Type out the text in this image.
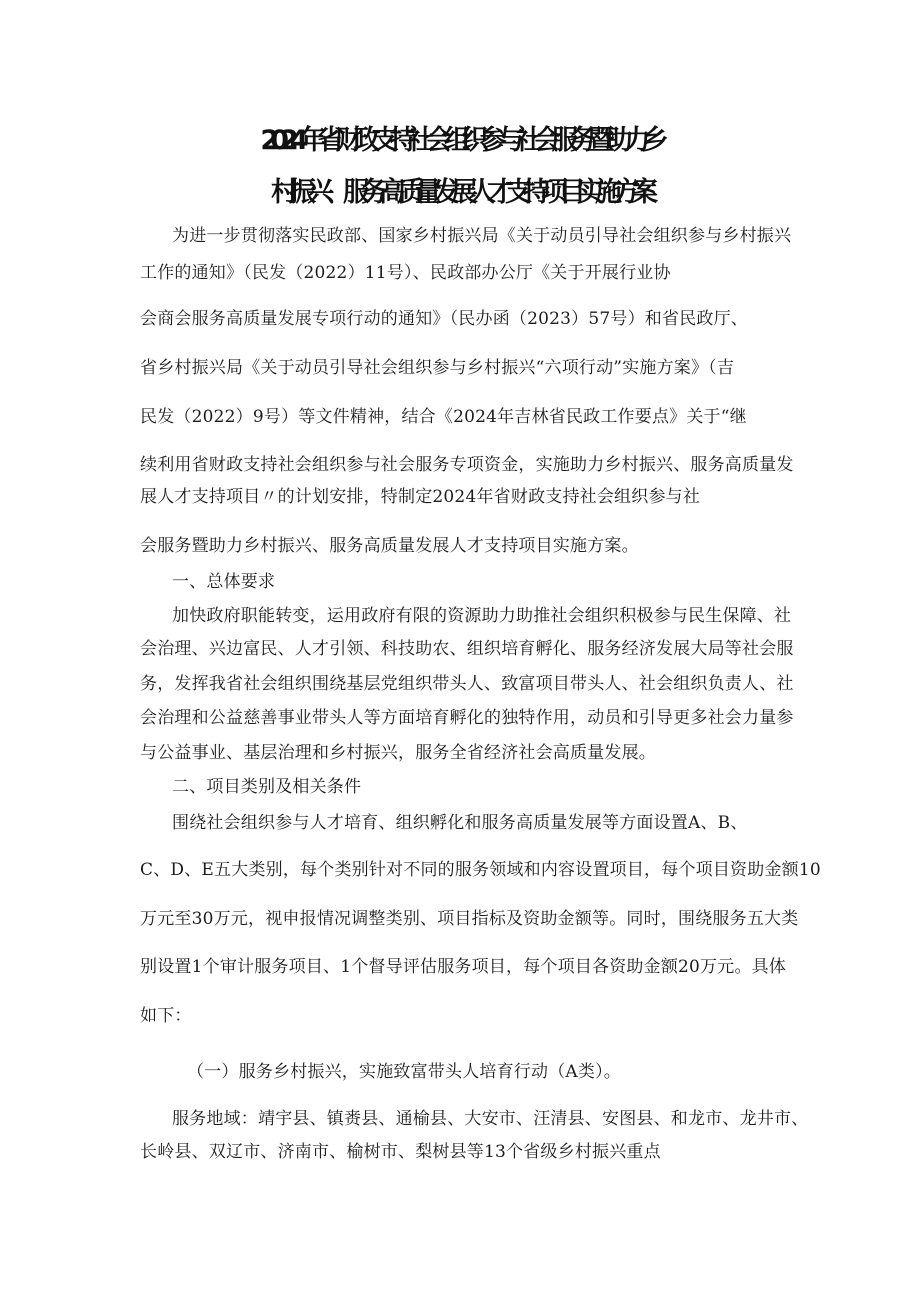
2024年省财政支持社会组织参与社会服务暨助力乡
村振兴、服务高质量发展人才支持项目实施方案
为进一步贯彻落实民政部、国家乡村振兴局《关于动员引导社会组织参与乡村振兴
工作的通知》（民发（2022）11号）、民政部办公厅《关于开展行业协
会商会服务高质量发展专项行动的通知》（民办函（2023）57号）和省民政厅、
省乡村振兴局《关于动员引导社会组织参与乡村振兴“六项行动”实施方案》（吉
民发（2022）9号）等文件精神，结合《2024年吉林省民政工作要点》关于“继
续利用省财政支持社会组织参与社会服务专项资金，实施助力乡村振兴、服务高质量发
展人才支持项目〃的计划安排，特制定2024年省财政支持社会组织参与社
会服务暨助力乡村振兴、服务高质量发展人才支持项目实施方案。
一、总体要求
加快政府职能转变，运用政府有限的资源助力助推社会组织积极参与民生保障、社
会治理、兴边富民、人才引领、科技助农、组织培育孵化、服务经济发展大局等社会服
务，发挥我省社会组织围绕基层党组织带头人、致富项目带头人、社会组织负责人、社
会治理和公益慈善事业带头人等方面培育孵化的独特作用，动员和引导更多社会力量参
与公益事业、基层治理和乡村振兴，服务全省经济社会高质量发展。
二、项目类别及相关条件
围绕社会组织参与人才培育、组织孵化和服务高质量发展等方面设置A、B、
C、D、E五大类别，每个类别针对不同的服务领域和内容设置项目，每个项目资助金额10
万元至30万元，视申报情况调整类别、项目指标及资助金额等。同时，围绕服务五大类
别设置1个审计服务项目、1个督导评估服务项目，每个项目各资助金额20万元。具体
如下：
（一）服务乡村振兴，实施致富带头人培育行动（A类）。
服务地域：靖宇县、镇赉县、通榆县、大安市、汪清县、安图县、和龙市、龙井市、
长岭县、双辽市、济南市、榆树市、梨树县等13个省级乡村振兴重点
